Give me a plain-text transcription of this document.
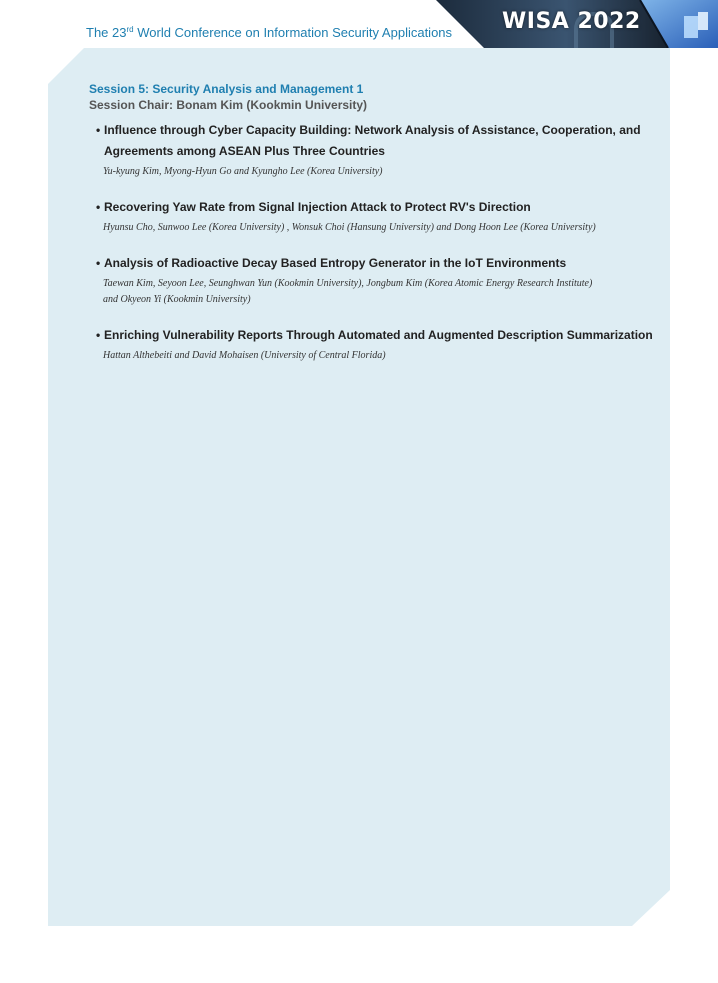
The 23rd World Conference on Information Security Applications WISA 2022
Session 5: Security Analysis and Management 1
Session Chair: Bonam Kim (Kookmin University)
• Influence through Cyber Capacity Building: Network Analysis of Assistance, Cooperation, and
Agreements among ASEAN Plus Three Countries
Yu-kyung Kim, Myong-Hyun Go and Kyungho Lee (Korea University)
• Recovering Yaw Rate from Signal Injection Attack to Protect RV's Direction
Hyunsu Cho, Sunwoo Lee (Korea University) , Wonsuk Choi (Hansung University) and Dong Hoon Lee (Korea University)
• Analysis of Radioactive Decay Based Entropy Generator in the IoT Environments
Taewan Kim, Seyoon Lee, Seunghwan Yun (Kookmin University), Jongbum Kim (Korea Atomic Energy Research Institute)
and Okyeon Yi (Kookmin University)
• Enriching Vulnerability Reports Through Automated and Augmented Description Summarization
Hattan Althebeiti and David Mohaisen (University of Central Florida)
